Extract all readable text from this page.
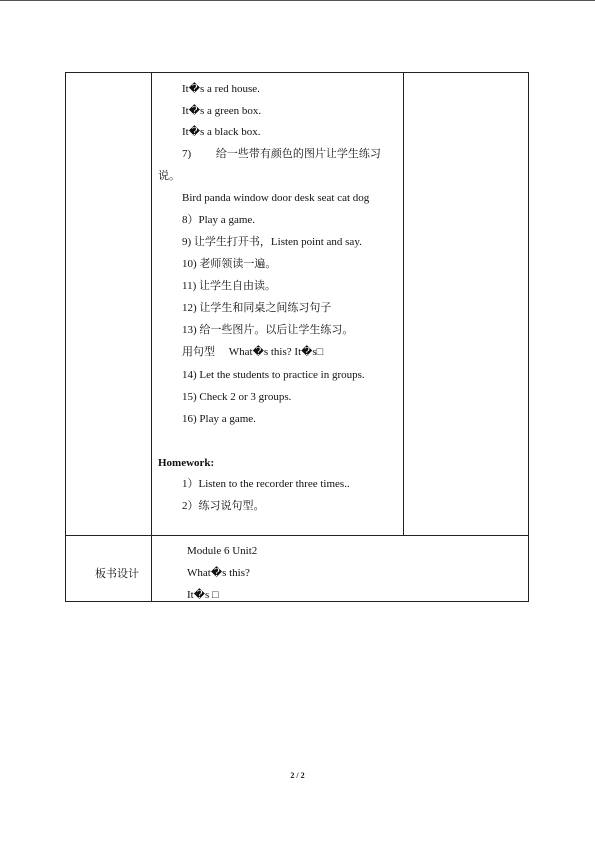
It�s a red house.
It�s a green box.
It�s a black box.
7)　　 给一些带有颜色的图片让学生练习
说。
Bird panda window door desk seat cat dog
8）Play a game.
9) 让学生打开书，Listen point and say.
10) 老师领读一遍。
11) 让学生自由读。
12) 让学生和同桌之间练习句子
13) 给一些图片。以后让学生练习。
用句型　 What�s this? It�s□
14) Let the students to practice in groups.
15) Check 2 or 3 groups.
16) Play a game.
Homework:
1）Listen to the recorder three times..
2）练习说句型。
板书设计
Module 6 Unit2
What�s this?
It�s □
2 / 2
